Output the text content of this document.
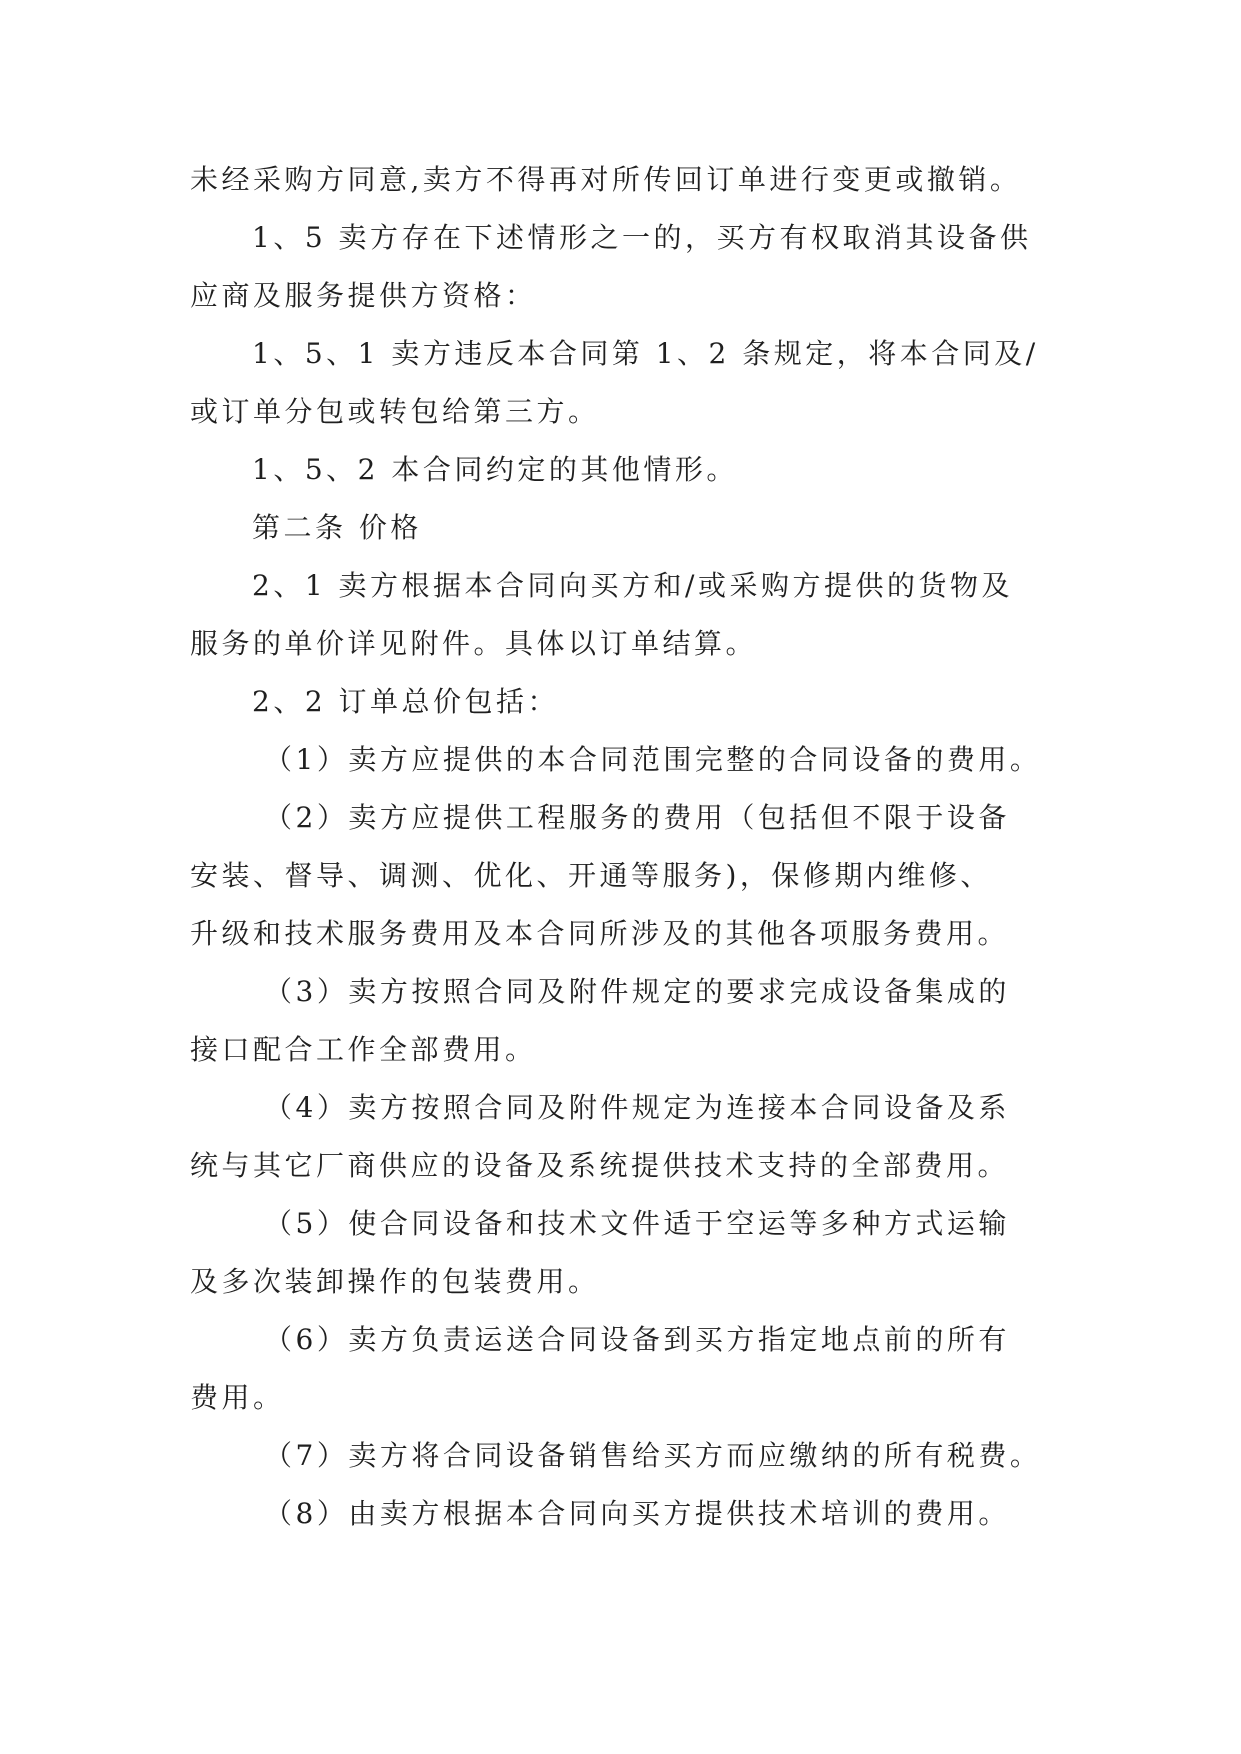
未经采购方同意,卖方不得再对所传回订单进行变更或撤销。
1、5 卖方存在下述情形之一的，买方有权取消其设备供
应商及服务提供方资格：
1、5、1 卖方违反本合同第 1、2 条规定，将本合同及/
或订单分包或转包给第三方。
1、5、2 本合同约定的其他情形。
第二条 价格
2、1 卖方根据本合同向买方和/或采购方提供的货物及
服务的单价详见附件。具体以订单结算。
2、2 订单总价包括：
（1）卖方应提供的本合同范围完整的合同设备的费用。
（2）卖方应提供工程服务的费用（包括但不限于设备
安装、督导、调测、优化、开通等服务)，保修期内维修、
升级和技术服务费用及本合同所涉及的其他各项服务费用。
（3）卖方按照合同及附件规定的要求完成设备集成的
接口配合工作全部费用。
（4）卖方按照合同及附件规定为连接本合同设备及系
统与其它厂商供应的设备及系统提供技术支持的全部费用。
（5）使合同设备和技术文件适于空运等多种方式运输
及多次装卸操作的包装费用。
（6）卖方负责运送合同设备到买方指定地点前的所有
费用。
（7）卖方将合同设备销售给买方而应缴纳的所有税费。
（8）由卖方根据本合同向买方提供技术培训的费用。
